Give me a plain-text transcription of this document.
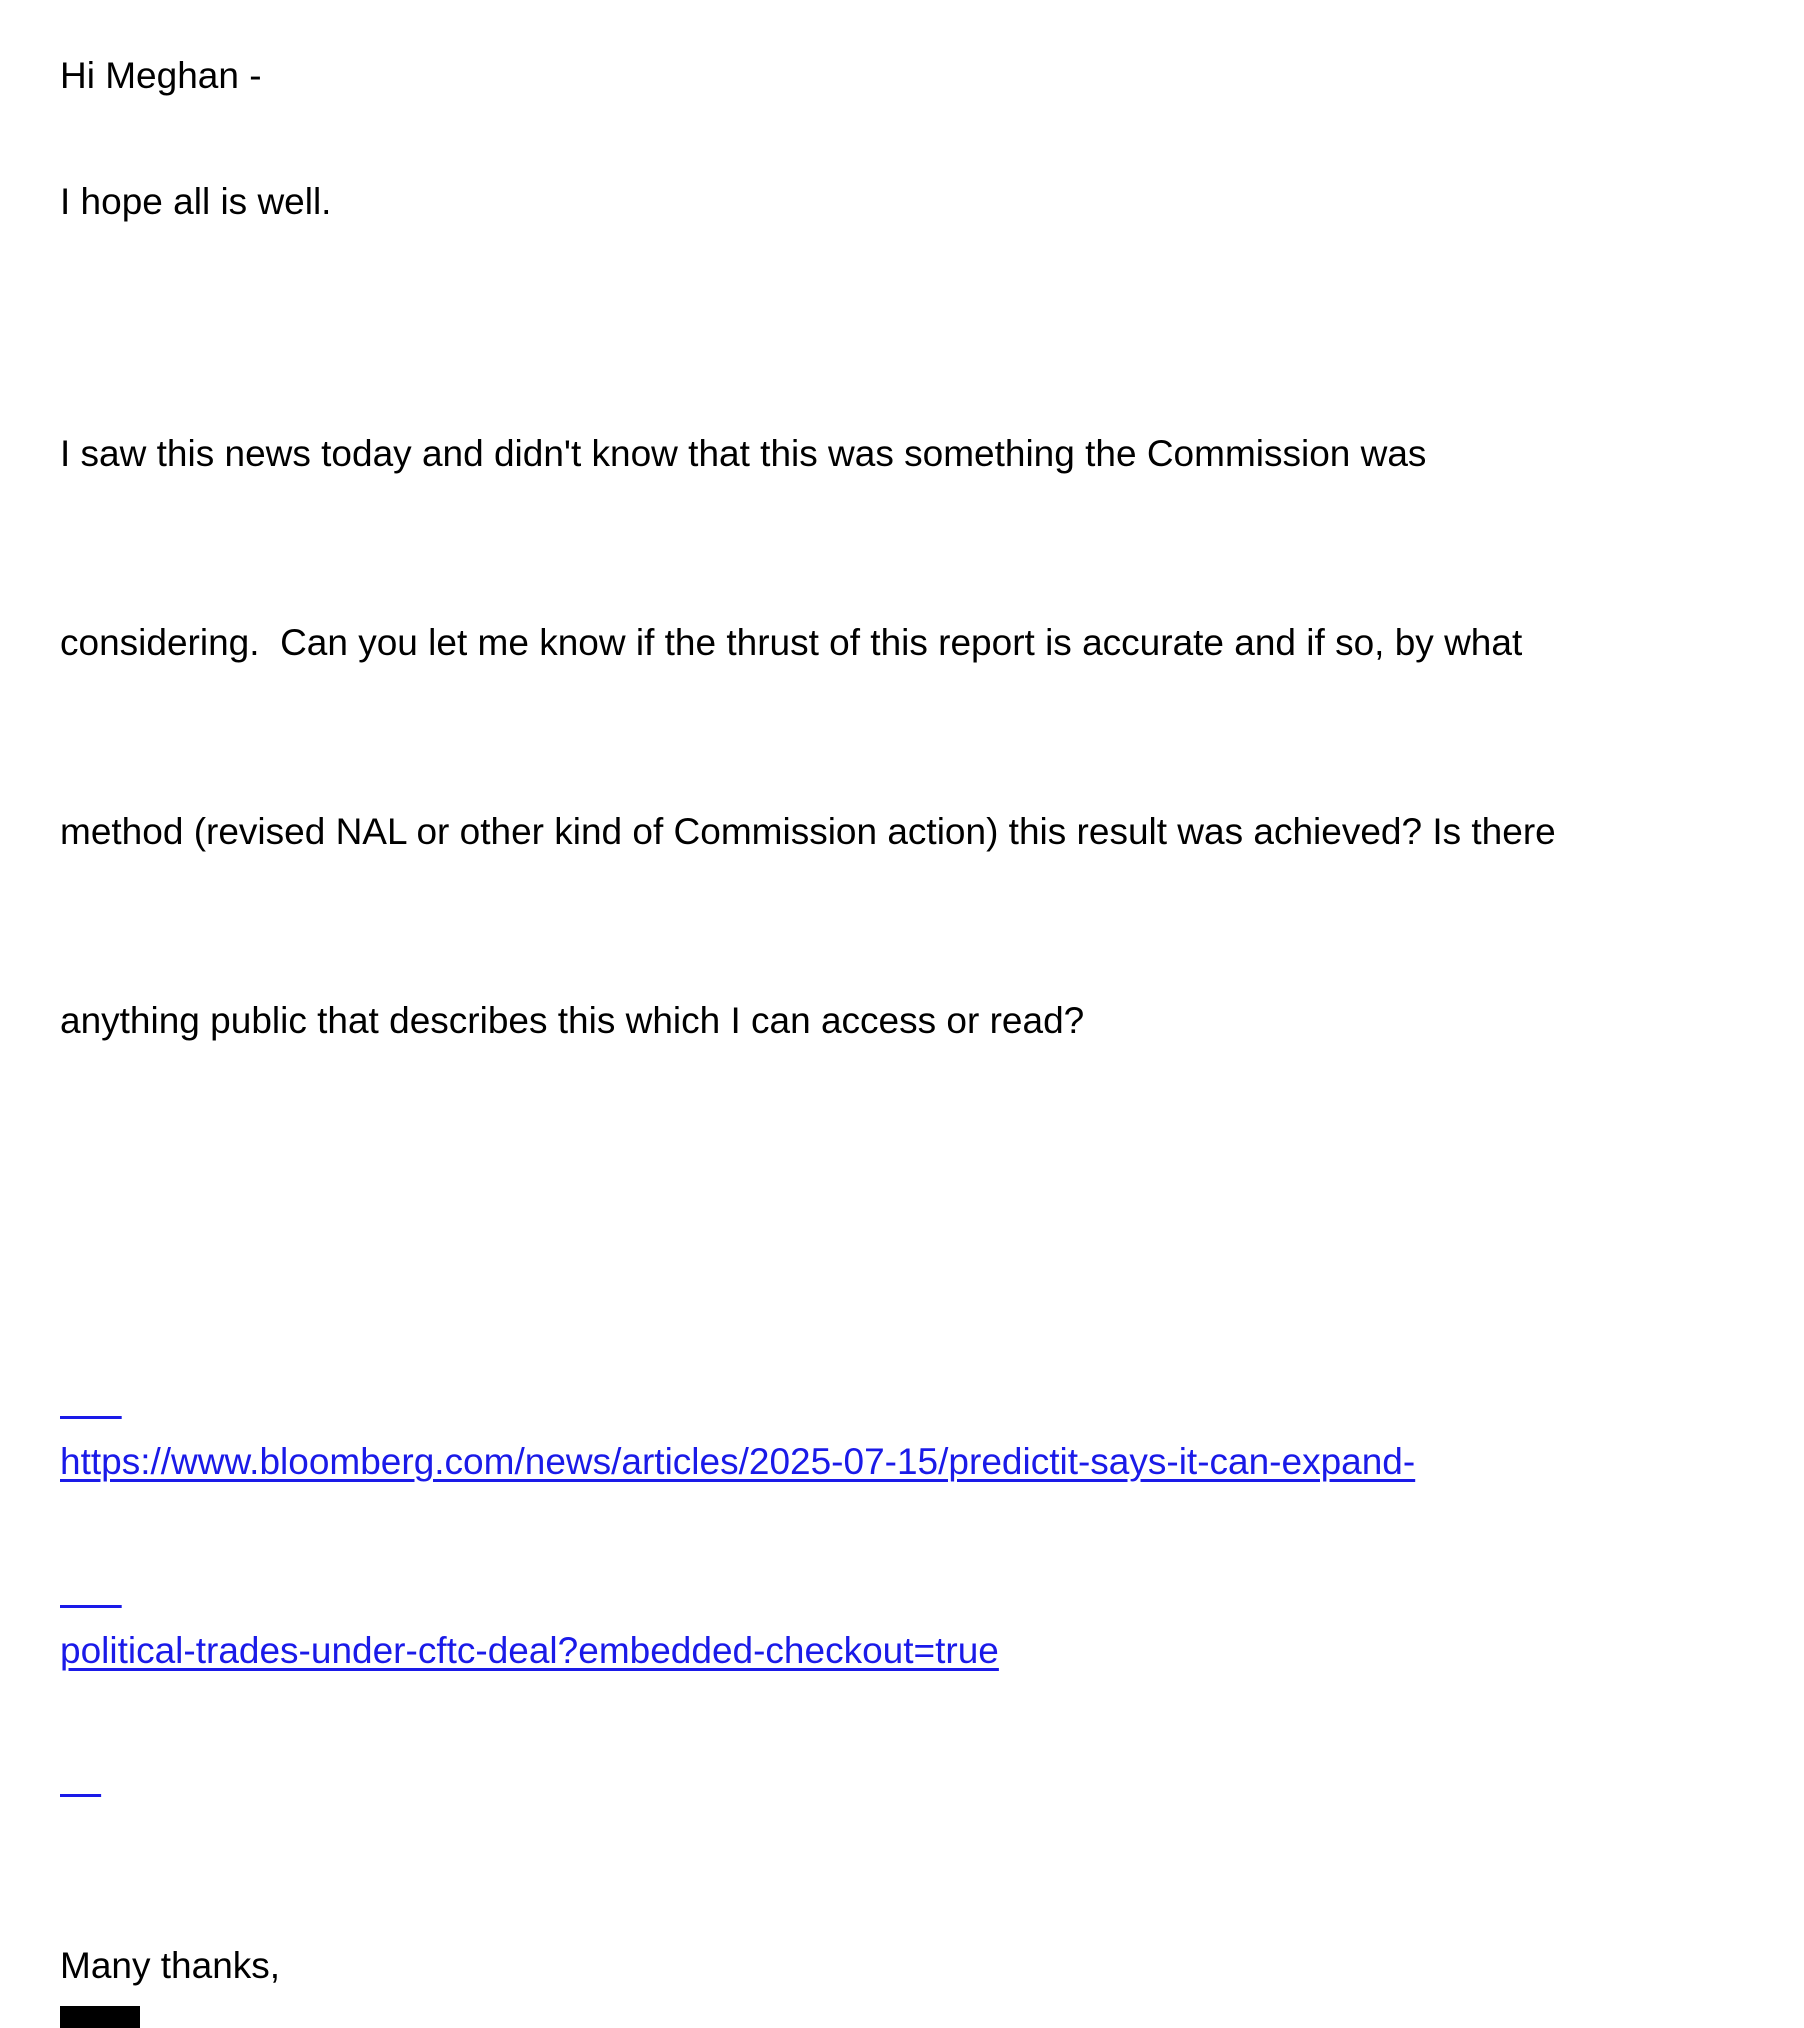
Hi Meghan -

I hope all is well.

I saw this news today and didn't know that this was something the Commission was

considering.  Can you let me know if the thrust of this report is accurate and if so, by what

method (revised NAL or other kind of Commission action) this result was achieved? Is there

anything public that describes this which I can access or read?

https://www.bloomberg.com/news/articles/2025-07-15/predictit-says-it-can-expand-

political-trades-under-cftc-deal?embedded-checkout=true

Many thanks,
